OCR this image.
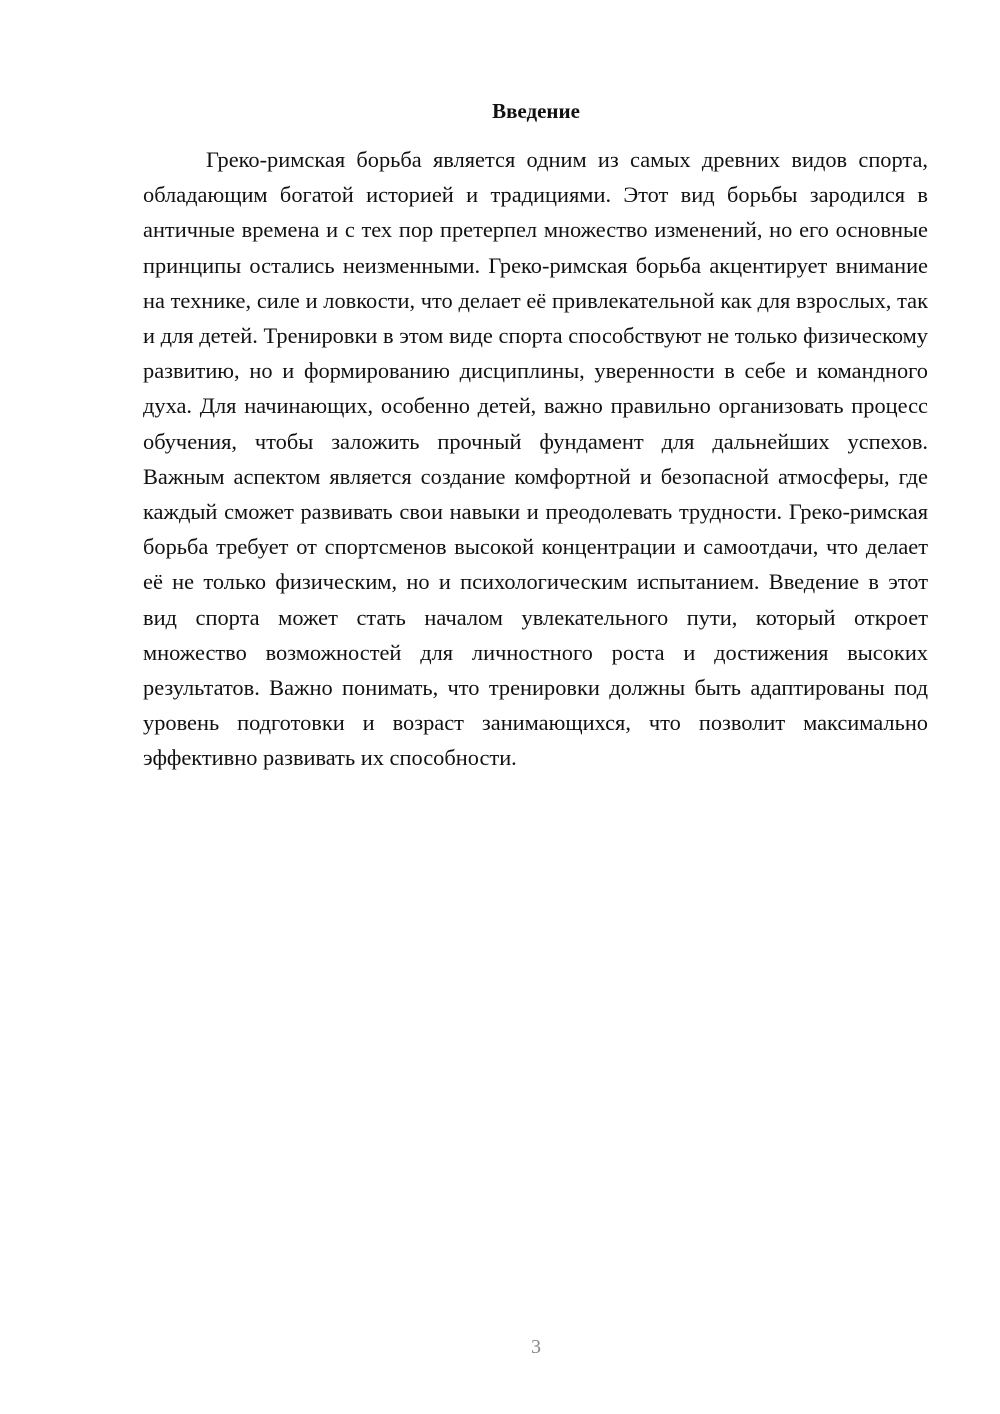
Введение

Греко-римская борьба является одним из самых древних видов спорта, обладающим богатой историей и традициями. Этот вид борьбы зародился в античные времена и с тех пор претерпел множество изменений, но его основные принципы остались неизменными. Греко-римская борьба акцентирует внимание на технике, силе и ловкости, что делает её привлекательной как для взрослых, так и для детей. Тренировки в этом виде спорта способствуют не только физическому развитию, но и формированию дисциплины, уверенности в себе и командного духа. Для начинающих, особенно детей, важно правильно организовать процесс обучения, чтобы заложить прочный фундамент для дальнейших успехов. Важным аспектом является создание комфортной и безопасной атмосферы, где каждый сможет развивать свои навыки и преодолевать трудности. Греко-римская борьба требует от спортсменов высокой концентрации и самоотдачи, что делает её не только физическим, но и психологическим испытанием. Введение в этот вид спорта может стать началом увлекательного пути, который откроет множество возможностей для личностного роста и достижения высоких результатов. Важно понимать, что тренировки должны быть адаптированы под уровень подготовки и возраст занимающихся, что позволит максимально эффективно развивать их способности.

3
